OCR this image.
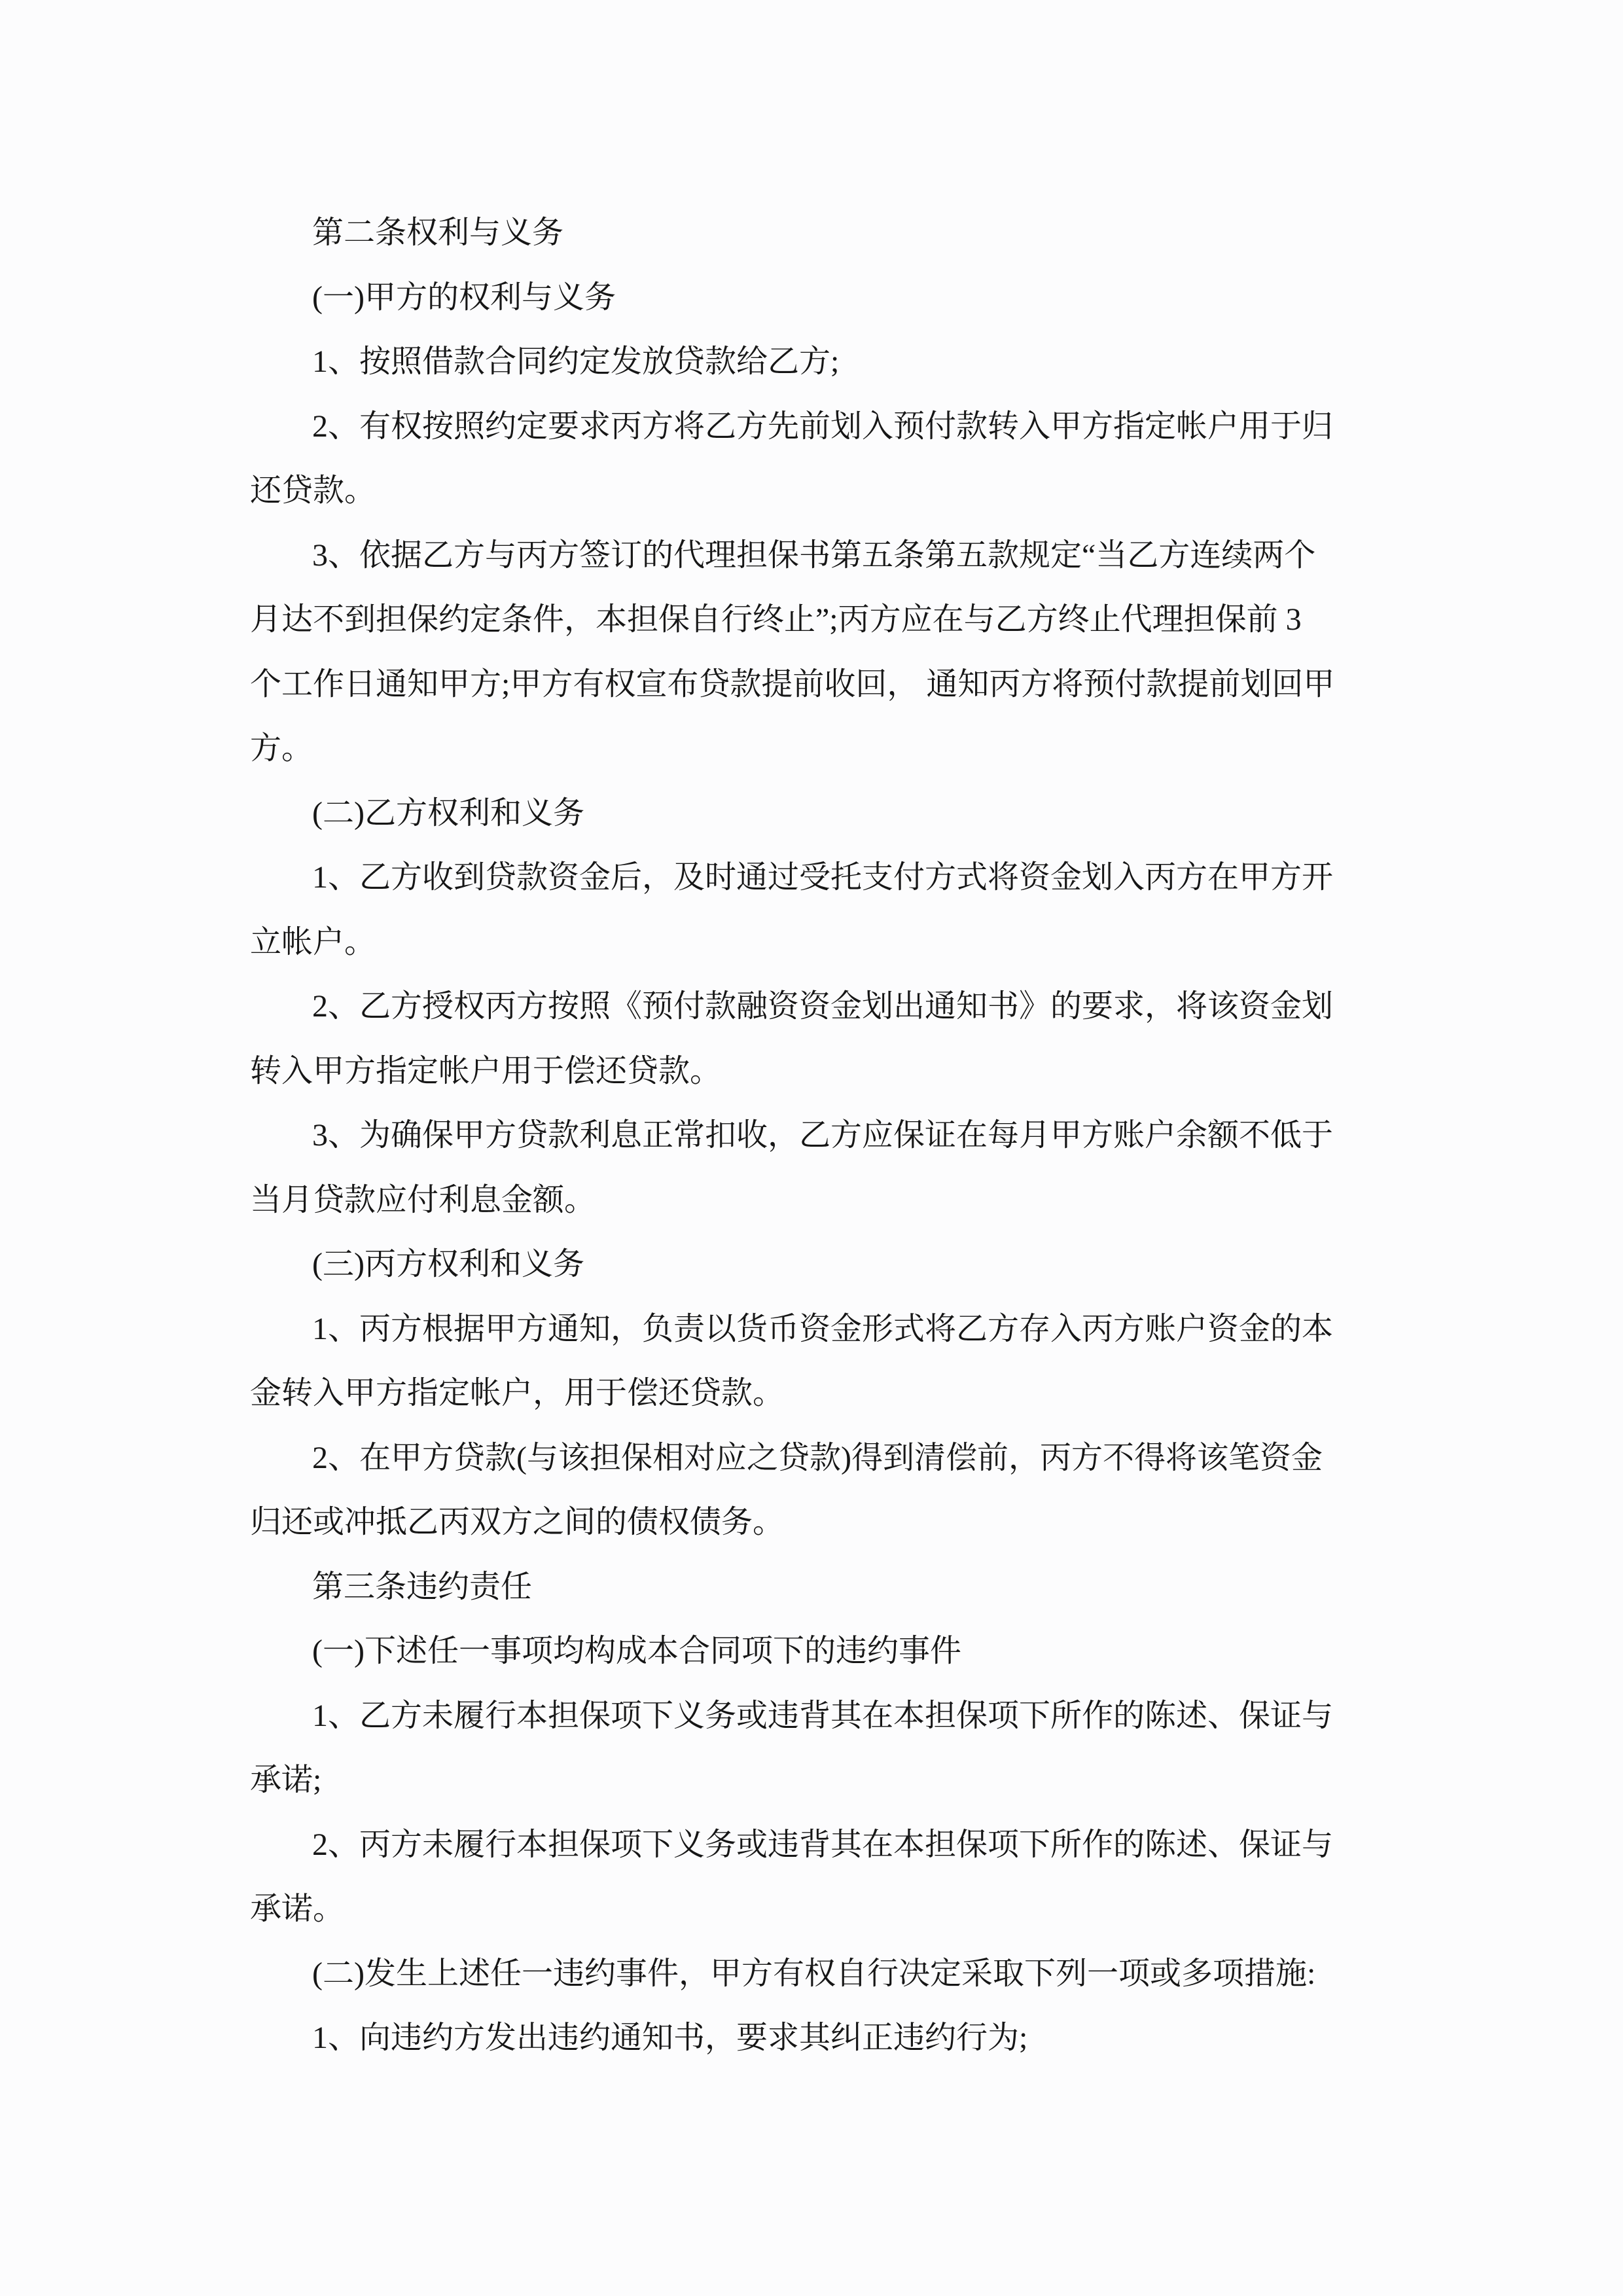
第二条权利与义务
(一)甲方的权利与义务
1、按照借款合同约定发放贷款给乙方;
2、有权按照约定要求丙方将乙方先前划入预付款转入甲方指定帐户用于归
还贷款。
3、依据乙方与丙方签订的代理担保书第五条第五款规定“当乙方连续两个
月达不到担保约定条件，本担保自行终止”;丙方应在与乙方终止代理担保前 3
个工作日通知甲方;甲方有权宣布贷款提前收回， 通知丙方将预付款提前划回甲
方。
(二)乙方权利和义务
1、乙方收到贷款资金后，及时通过受托支付方式将资金划入丙方在甲方开
立帐户。
2、乙方授权丙方按照《预付款融资资金划出通知书》的要求，将该资金划
转入甲方指定帐户用于偿还贷款。
3、为确保甲方贷款利息正常扣收，乙方应保证在每月甲方账户余额不低于
当月贷款应付利息金额。
(三)丙方权利和义务
1、丙方根据甲方通知，负责以货币资金形式将乙方存入丙方账户资金的本
金转入甲方指定帐户，用于偿还贷款。
2、在甲方贷款(与该担保相对应之贷款)得到清偿前，丙方不得将该笔资金
归还或冲抵乙丙双方之间的债权债务。
第三条违约责任
(一)下述任一事项均构成本合同项下的违约事件
1、乙方未履行本担保项下义务或违背其在本担保项下所作的陈述、保证与
承诺;
2、丙方未履行本担保项下义务或违背其在本担保项下所作的陈述、保证与
承诺。
(二)发生上述任一违约事件，甲方有权自行决定采取下列一项或多项措施:
1、向违约方发出违约通知书，要求其纠正违约行为;
